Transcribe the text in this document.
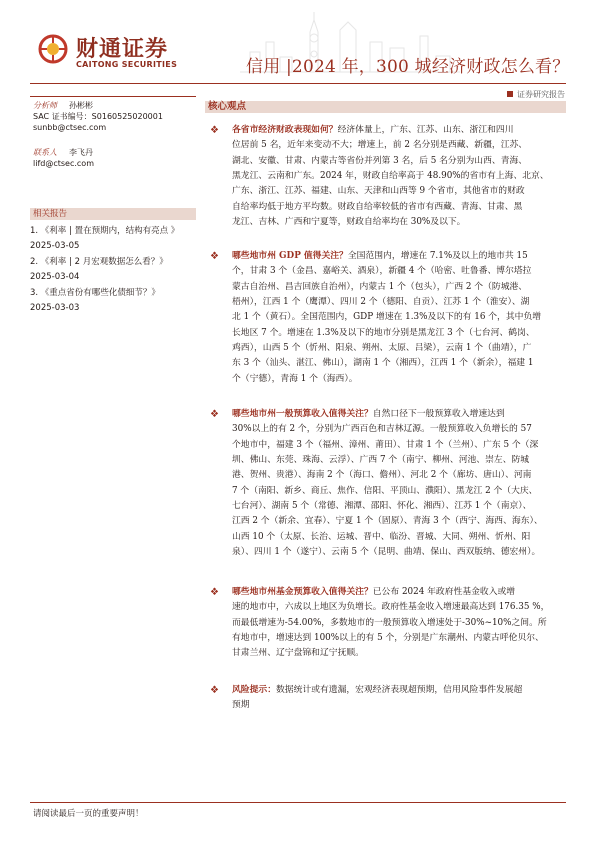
财通证券
CAITONG SECURITIES	信用 |2024 年，300 城经济财政怎么看？
证券研究报告
分析师 孙彬彬
SAC 证书编号：S0160525020001
sunbb@ctsec.com
联系人 李飞丹
lifd@ctsec.com
相关报告
1. 《利率 | 置在预期内，结构有亮点 》
2025-03-05
2. 《利率 | 2 月宏观数据怎么看？》
2025-03-04
3. 《重点省份有哪些化债细节？》
2025-03-03
核心观点
❖ 各省市经济财政表现如何？经济体量上，广东、江苏、山东、浙江和四川
位居前 5 名，近年来变动不大；增速上，前 2 名分别是西藏、新疆，江苏、
湖北、安徽、甘肃、内蒙古等省份并列第 3 名，后 5 名分别为山西、青海、
黑龙江、云南和广东。2024 年，财政自给率高于 48.90%的省市有上海、北京、
广东、浙江、江苏、福建、山东、天津和山西等 9 个省市，其他省市的财政
自给率均低于地方平均数。财政自给率较低的省市有西藏、青海、甘肃、黑
龙江、吉林、广西和宁夏等，财政自给率均在 30%及以下。
❖ 哪些地市州 GDP 值得关注？全国范围内，增速在 7.1%及以上的地市共 15
个，甘肃 3 个（金昌、嘉峪关、酒泉），新疆 4 个（哈密、吐鲁番、博尔塔拉
蒙古自治州、昌吉回族自治州），内蒙古 1 个（包头），广西 2 个（防城港、
梧州），江西 1 个（鹰潭）、四川 2 个（德阳、自贡）、江苏 1 个（淮安）、湖
北 1 个（黄石）。全国范围内，GDP 增速在 1.3%及以下的有 16 个，其中负增
长地区 7 个。增速在 1.3%及以下的地市分别是黑龙江 3 个（七台河、鹤岗、
鸡西），山西 5 个（忻州、阳泉、朔州、太原、吕梁），云南 1 个（曲靖），广
东 3 个（汕头、湛江、佛山），湖南 1 个（湘西），江西 1 个（新余），福建 1
个（宁德），青海 1 个（海西）。
❖ 哪些地市州一般预算收入值得关注？自然口径下一般预算收入增速达到
30%以上的有 2 个，分别为广西百色和吉林辽源。一般预算收入负增长的 57
个地市中，福建 3 个（福州、漳州、莆田）、甘肃 1 个（兰州）、广东 5 个（深
圳、佛山、东莞、珠海、云浮）、广西 7 个（南宁、柳州、河池、崇左、防城
港、贺州、贵港）、海南 2 个（海口、儋州）、河北 2 个（廊坊、唐山）、河南
7 个（南阳、新乡、商丘、焦作、信阳、平顶山、濮阳）、黑龙江 2 个（大庆、
七台河）、湖南 5 个（常德、湘潭、邵阳、怀化、湘西）、江苏 1 个（南京）、
江西 2 个（新余、宜春）、宁夏 1 个（固原）、青海 3 个（西宁、海西、海东）、
山西 10 个（太原、长治、运城、晋中、临汾、晋城、大同、朔州、忻州、阳
泉）、四川 1 个（遂宁）、云南 5 个（昆明、曲靖、保山、西双版纳、德宏州）。
❖ 哪些地市州基金预算收入值得关注？已公布 2024 年政府性基金收入或增
速的地市中，六成以上地区为负增长。政府性基金收入增速最高达到 176.35 %，
而最低增速为-54.00%，多数地市的一般预算收入增速处于-30%~10%之间。所
有地市中，增速达到 100%以上的有 5 个，分别是广东潮州、内蒙古呼伦贝尔、
甘肃兰州、辽宁盘锦和辽宁抚顺。
❖ 风险提示：数据统计或有遗漏，宏观经济表现超预期，信用风险事件发展超
预期
请阅读最后一页的重要声明！
